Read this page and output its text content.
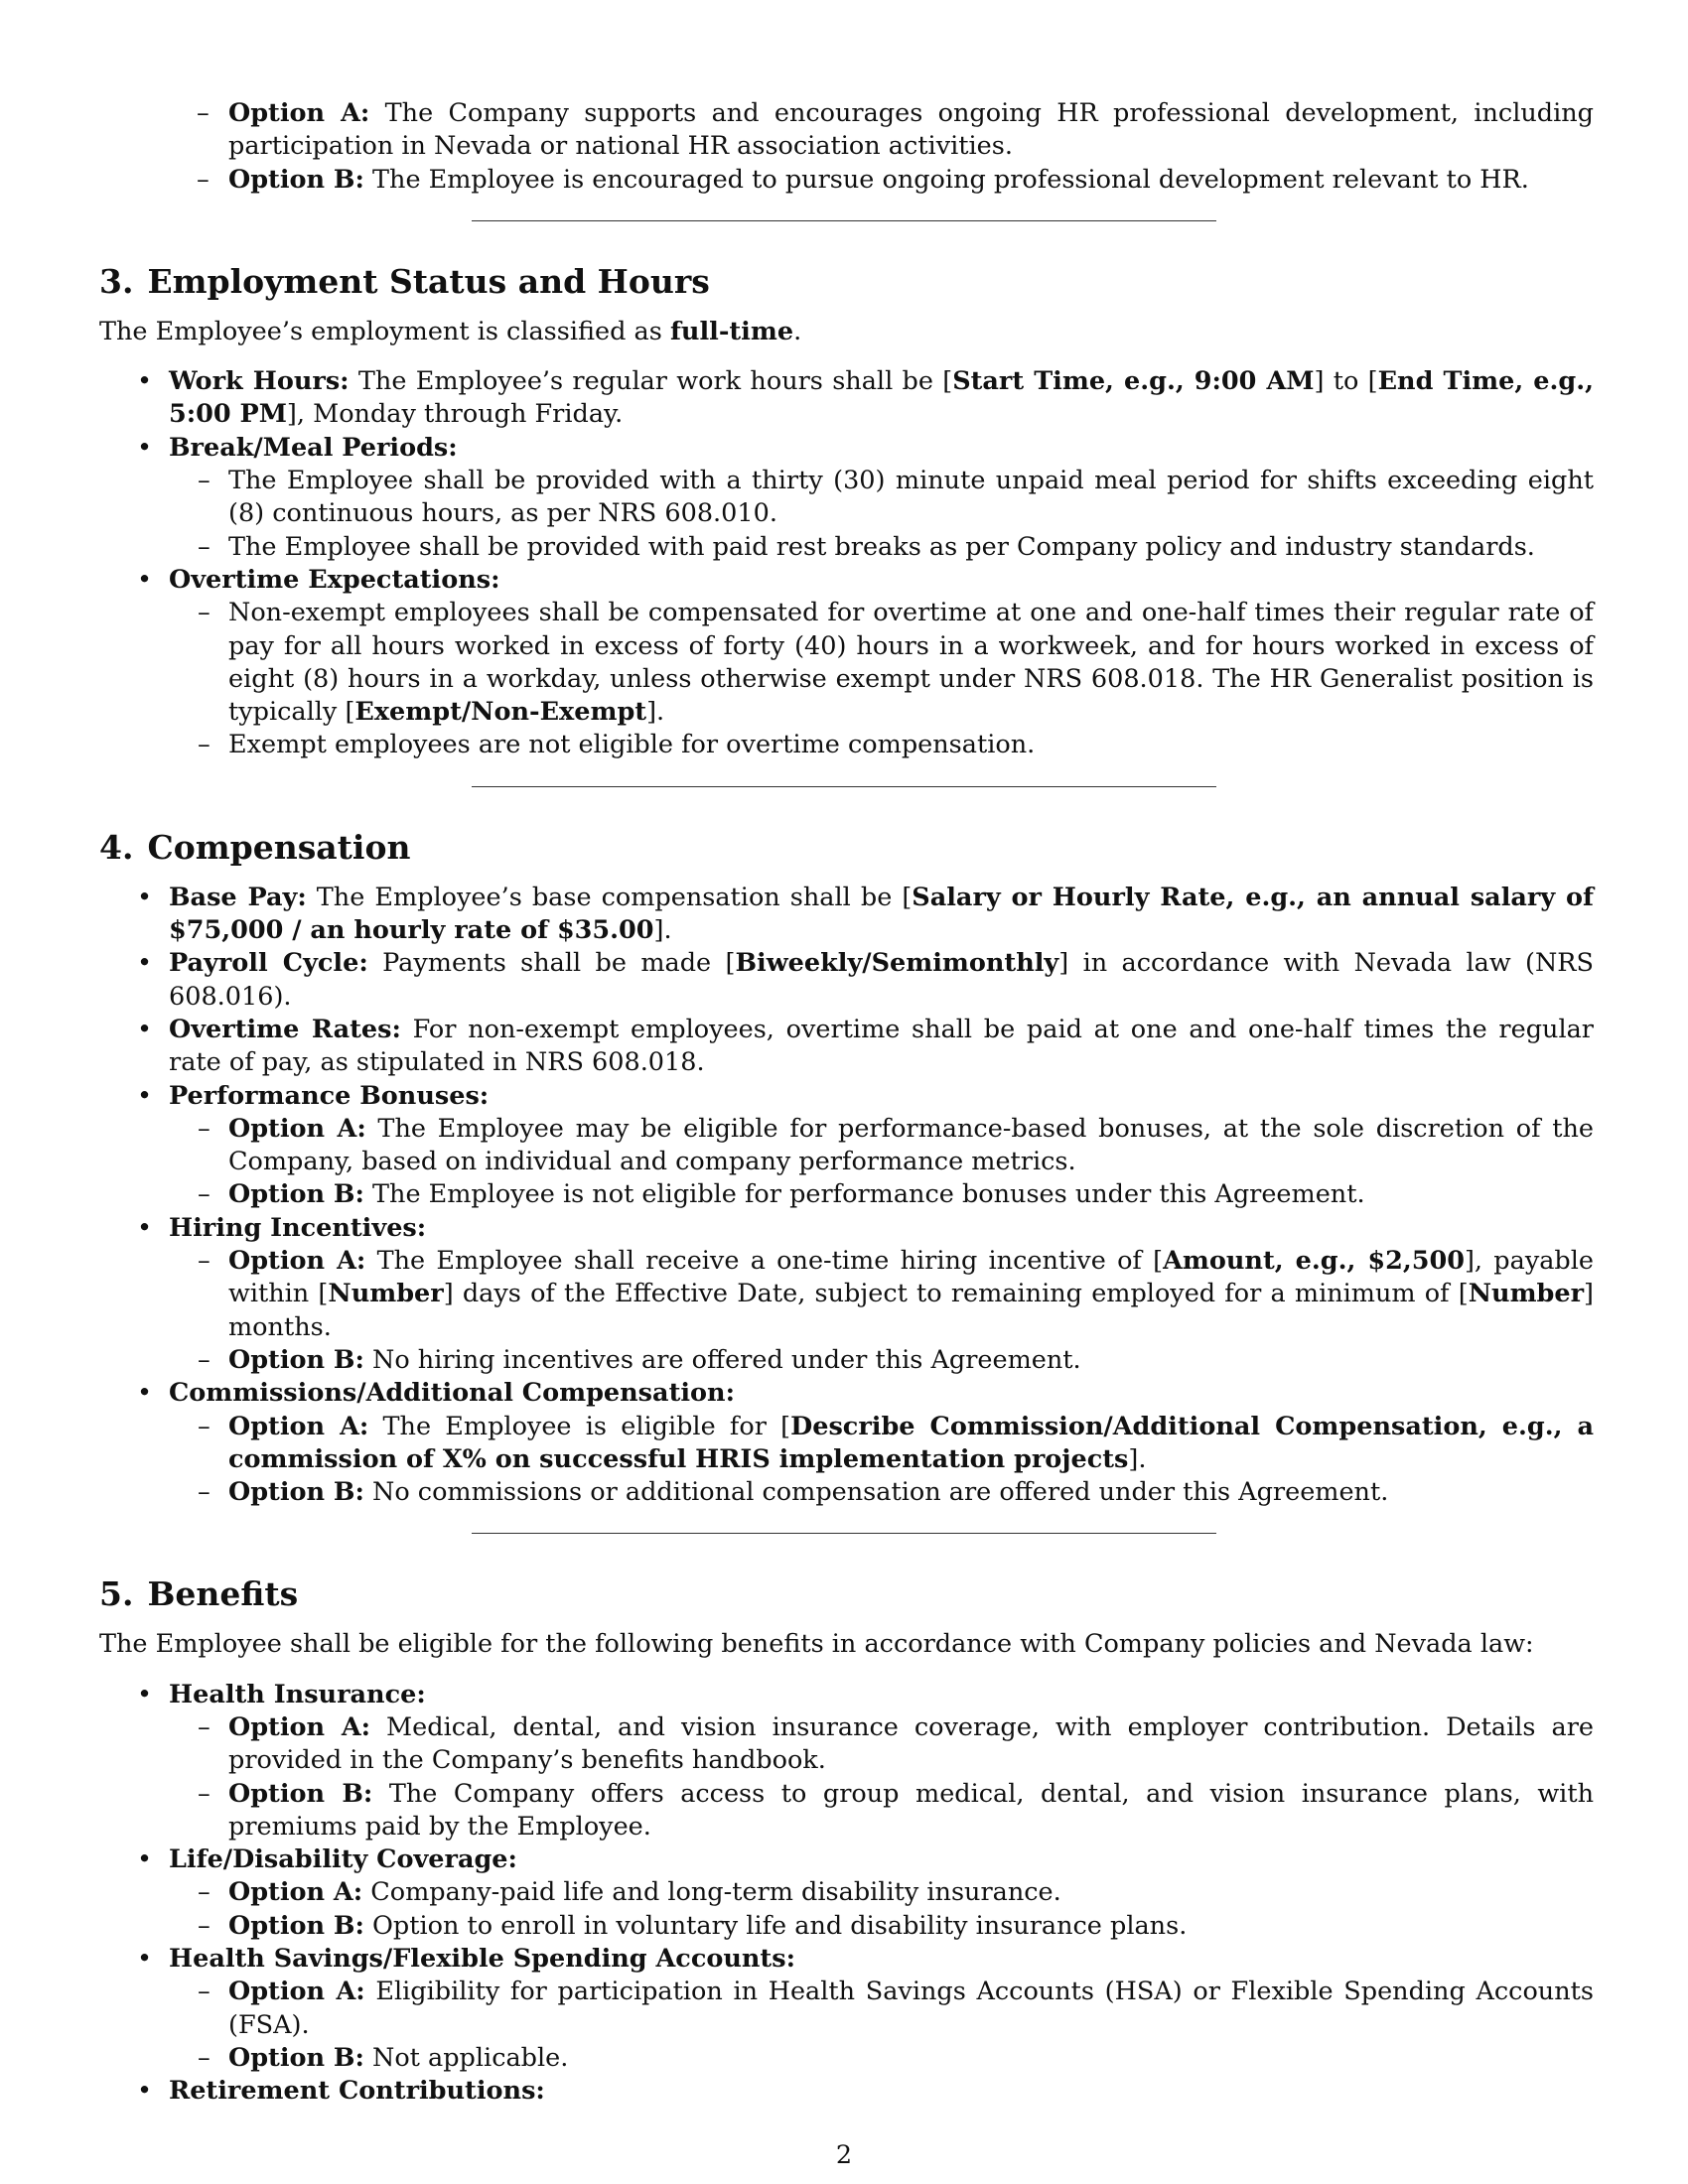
– Option A: The Company supports and encourages ongoing HR professional development, including participation in Nevada or national HR association activities.
– Option B: The Employee is encouraged to pursue ongoing professional development relevant to HR.
3. Employment Status and Hours

The Employee’s employment is classified as full-time.

• Work Hours: The Employee’s regular work hours shall be [Start Time, e.g., 9:00 AM] to [End Time, e.g., 5:00 PM], Monday through Friday.
• Break/Meal Periods:
– The Employee shall be provided with a thirty (30) minute unpaid meal period for shifts exceeding eight (8) continuous hours, as per NRS 608.010.
– The Employee shall be provided with paid rest breaks as per Company policy and industry standards.
• Overtime Expectations:
– Non-exempt employees shall be compensated for overtime at one and one-half times their regular rate of pay for all hours worked in excess of forty (40) hours in a workweek, and for hours worked in excess of eight (8) hours in a workday, unless otherwise exempt under NRS 608.018. The HR Generalist position is typically [Exempt/Non-Exempt].
– Exempt employees are not eligible for overtime compensation.
4. Compensation
• Base Pay: The Employee’s base compensation shall be [Salary or Hourly Rate, e.g., an annual salary of $75,000 / an hourly rate of $35.00].
• Payroll Cycle: Payments shall be made [Biweekly/Semimonthly] in accordance with Nevada law (NRS 608.016).
• Overtime Rates: For non-exempt employees, overtime shall be paid at one and one-half times the regular rate of pay, as stipulated in NRS 608.018.
• Performance Bonuses:
– Option A: The Employee may be eligible for performance-based bonuses, at the sole discretion of the Company, based on individual and company performance metrics.
– Option B: The Employee is not eligible for performance bonuses under this Agreement.
• Hiring Incentives:
– Option A: The Employee shall receive a one-time hiring incentive of [Amount, e.g., $2,500], payable within [Number] days of the Effective Date, subject to remaining employed for a minimum of [Number] months.
– Option B: No hiring incentives are offered under this Agreement.
• Commissions/Additional Compensation:
– Option A: The Employee is eligible for [Describe Commission/Additional Compensation, e.g., a commission of X% on successful HRIS implementation projects].
– Option B: No commissions or additional compensation are offered under this Agreement.
5. Benefits

The Employee shall be eligible for the following benefits in accordance with Company policies and Nevada law:

• Health Insurance:
– Option A: Medical, dental, and vision insurance coverage, with employer contribution. Details are provided in the Company’s benefits handbook.
– Option B: The Company offers access to group medical, dental, and vision insurance plans, with premiums paid by the Employee.
• Life/Disability Coverage:
– Option A: Company-paid life and long-term disability insurance.
– Option B: Option to enroll in voluntary life and disability insurance plans.
• Health Savings/Flexible Spending Accounts:
– Option A: Eligibility for participation in Health Savings Accounts (HSA) or Flexible Spending Accounts (FSA).
– Option B: Not applicable.
• Retirement Contributions:
2
